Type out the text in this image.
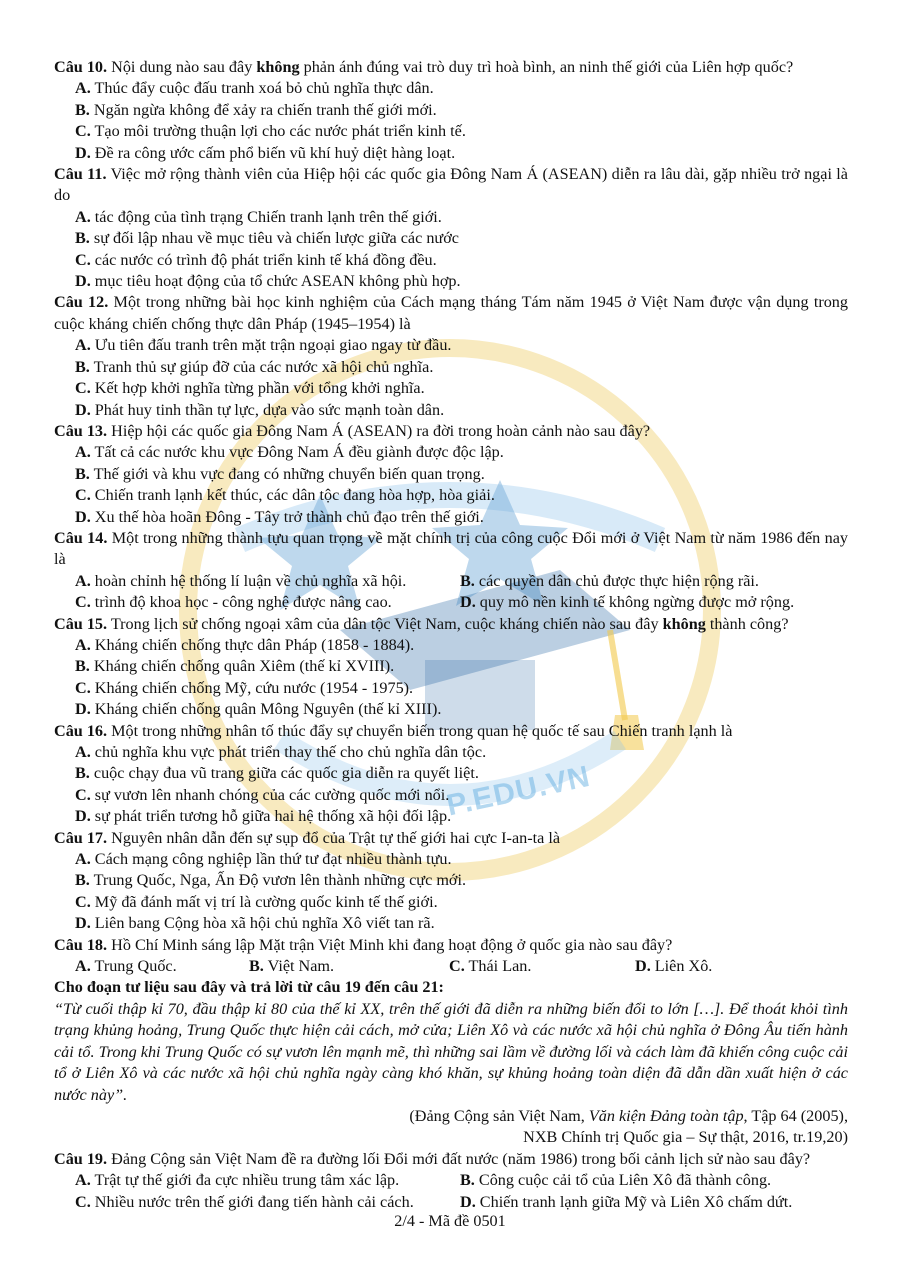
P.EDU.VN

Câu 10. Nội dung nào sau đây không phản ánh đúng vai trò duy trì hoà bình, an ninh thế giới của Liên hợp quốc?

A. Thúc đẩy cuộc đấu tranh xoá bỏ chủ nghĩa thực dân.

B. Ngăn ngừa không để xảy ra chiến tranh thế giới mới.

C. Tạo môi trường thuận lợi cho các nước phát triển kinh tế.

D. Đề ra công ước cấm phổ biến vũ khí huỷ diệt hàng loạt.

Câu 11. Việc mở rộng thành viên của Hiệp hội các quốc gia Đông Nam Á (ASEAN) diễn ra lâu dài, gặp nhiều trở ngại là do

A. tác động của tình trạng Chiến tranh lạnh trên thế giới.

B. sự đối lập nhau về mục tiêu và chiến lược giữa các nước

C. các nước có trình độ phát triển kinh tế khá đồng đều.

D. mục tiêu hoạt động của tổ chức ASEAN không phù hợp.

Câu 12. Một trong những bài học kinh nghiệm của Cách mạng tháng Tám năm 1945 ở Việt Nam được vận dụng trong cuộc kháng chiến chống thực dân Pháp (1945–1954) là

A. Ưu tiên đấu tranh trên mặt trận ngoại giao ngay từ đầu.

B. Tranh thủ sự giúp đỡ của các nước xã hội chủ nghĩa.

C. Kết hợp khởi nghĩa từng phần với tổng khởi nghĩa.

D. Phát huy tinh thần tự lực, dựa vào sức mạnh toàn dân.

Câu 13. Hiệp hội các quốc gia Đông Nam Á (ASEAN) ra đời trong hoàn cảnh nào sau đây?

A. Tất cả các nước khu vực Đông Nam Á đều giành được độc lập.

B. Thế giới và khu vực đang có những chuyển biến quan trọng.

C. Chiến tranh lạnh kết thúc, các dân tộc đang hòa hợp, hòa giải.

D. Xu thế hòa hoãn Đông - Tây trở thành chủ đạo trên thế giới.

Câu 14. Một trong những thành tựu quan trọng về mặt chính trị của công cuộc Đổi mới ở Việt Nam từ năm 1986 đến nay là

A. hoàn chỉnh hệ thống lí luận về chủ nghĩa xã hội.	B. các quyền dân chủ được thực hiện rộng rãi.
C. trình độ khoa học - công nghệ được nâng cao.	D. quy mô nền kinh tế không ngừng được mở rộng.

Câu 15. Trong lịch sử chống ngoại xâm của dân tộc Việt Nam, cuộc kháng chiến nào sau đây không thành công?

A. Kháng chiến chống thực dân Pháp (1858 - 1884).

B. Kháng chiến chống quân Xiêm (thế kỉ XVIII).

C. Kháng chiến chống Mỹ, cứu nước (1954 - 1975).

D. Kháng chiến chống quân Mông Nguyên (thế kỉ XIII).

Câu 16. Một trong những nhân tố thúc đẩy sự chuyển biến trong quan hệ quốc tế sau Chiến tranh lạnh là

A. chủ nghĩa khu vực phát triển thay thế cho chủ nghĩa dân tộc.

B. cuộc chạy đua vũ trang giữa các quốc gia diễn ra quyết liệt.

C. sự vươn lên nhanh chóng của các cường quốc mới nổi.

D. sự phát triển tương hỗ giữa hai hệ thống xã hội đối lập.

Câu 17. Nguyên nhân dẫn đến sự sụp đổ của Trật tự thế giới hai cực I-an-ta là

A. Cách mạng công nghiệp lần thứ tư đạt nhiều thành tựu.

B. Trung Quốc, Nga, Ấn Độ vươn lên thành những cực mới.

C. Mỹ đã đánh mất vị trí là cường quốc kinh tế thế giới.

D. Liên bang Cộng hòa xã hội chủ nghĩa Xô viết tan rã.

Câu 18. Hồ Chí Minh sáng lập Mặt trận Việt Minh khi đang hoạt động ở quốc gia nào sau đây?

A. Trung Quốc.	B. Việt Nam.	C. Thái Lan.	D. Liên Xô.

Cho đoạn tư liệu sau đây và trả lời từ câu 19 đến câu 21:

“Từ cuối thập kỉ 70, đầu thập kỉ 80 của thế kỉ XX, trên thế giới đã diễn ra những biến đổi to lớn […]. Để thoát khỏi tình trạng khủng hoảng, Trung Quốc thực hiện cải cách, mở cửa; Liên Xô và các nước xã hội chủ nghĩa ở Đông Âu tiến hành cải tổ. Trong khi Trung Quốc có sự vươn lên mạnh mẽ, thì những sai lầm về đường lối và cách làm đã khiến công cuộc cải tổ ở Liên Xô và các nước xã hội chủ nghĩa ngày càng khó khăn, sự khủng hoảng toàn diện đã dẫn dần xuất hiện ở các nước này”.

(Đảng Cộng sản Việt Nam, Văn kiện Đảng toàn tập, Tập 64 (2005),

NXB Chính trị Quốc gia – Sự thật, 2016, tr.19,20)

Câu 19. Đảng Cộng sản Việt Nam đề ra đường lối Đổi mới đất nước (năm 1986) trong bối cảnh lịch sử nào sau đây?

A. Trật tự thế giới đa cực nhiều trung tâm xác lập.	B. Công cuộc cải tổ của Liên Xô đã thành công.
C. Nhiều nước trên thế giới đang tiến hành cải cách.	D. Chiến tranh lạnh giữa Mỹ và Liên Xô chấm dứt.
2/4 - Mã đề 0501
